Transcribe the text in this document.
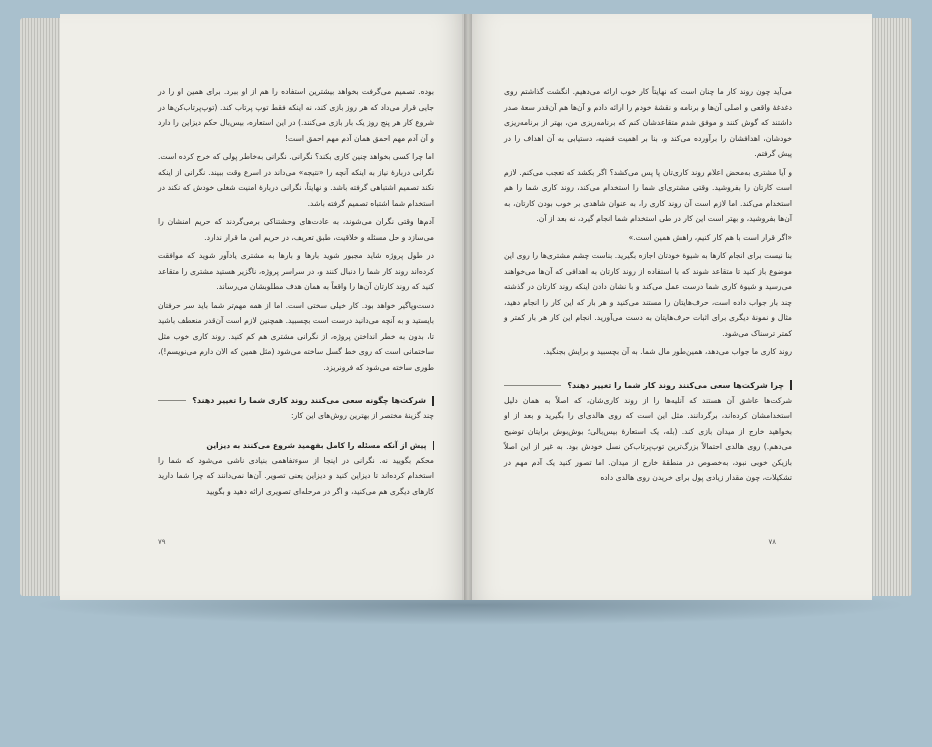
بوده. تصمیم می‌گرفت بخواهد بیشترین استفاده را هم از او ببرد. برای همین او را در جایی قرار می‌داد که هر روز بازی کند، نه اینکه فقط توپ پرتاب کند. (توپ‌پرتاب‌کن‌ها در شروع کار هر پنج روز یک بار بازی می‌کنند.) در این استعاره، بیس‌بال حکم دیزاین را دارد و آن آدم مهم احمق همان آدم مهم احمق است!

اما چرا کسی بخواهد چنین کاری بکند؟ نگرانی. نگرانی به‌خاطر پولی که خرج کرده است. نگرانی دربارهٔ نیاز به اینکه آنچه را «نتیجه» می‌داند در اسرع وقت ببیند. نگرانی از اینکه نکند تصمیم اشتباهی گرفته باشد. و نهایتاً، نگرانی دربارهٔ امنیت شغلی خودش که نکند در استخدام شما اشتباه تصمیم گرفته باشد.

آدم‌ها وقتی نگران می‌شوند، به عادت‌های وحشتناکی برمی‌گردند که حریم امنشان را می‌سازد و حل مسئله و خلاقیت، طبق تعریف، در حریم امن ما قرار ندارد.

در طول پروژه شاید مجبور شوید بارها و بارها به مشتری یادآور شوید که موافقت کرده‌اند روند کار شما را دنبال کنند و، در سراسر پروژه، ناگزیر هستید مشتری را متقاعد کنید که روند کارتان آن‌ها را واقعاً به همان هدف مطلوبشان می‌رساند.

دست‌وپاگیر خواهد بود. کار خیلی سختی است. اما از همه مهم‌تر شما باید سر حرفتان بایستید و به آنچه می‌دانید درست است بچسبید. همچنین لازم است آن‌قدر منعطف باشید تا، بدون به خطر انداختن پروژه، از نگرانی مشتری هم کم کنید. روند کاری خوب مثل ساختمانی است که روی خط گسل ساخته می‌شود (مثل همین که الان دارم می‌نویسم!)، طوری ساخته می‌شود که فرونریزد.

شرکت‌ها چگونه سعی می‌کنند روند کاری شما را تغییر دهند؟

چند گزینهٔ مختصر از بهترین روش‌های این کار:

پیش از آنکه مسئله را کامل بفهمید شروع می‌کنند به دیزاین

محکم بگویید نه. نگرانی در اینجا از سوءتفاهمی بنیادی ناشی می‌شود که شما را استخدام کرده‌اند تا دیزاین کنید و دیزاین یعنی تصویر. آن‌ها نمی‌دانند که چرا شما دارید کارهای دیگری هم می‌کنید، و اگر در مرحله‌ای تصویری ارائه دهید و بگویید

۷۹

می‌آید چون روند کار ما چنان است که نهایتاً کار خوب ارائه می‌دهیم. انگشت گذاشتم روی دغدغهٔ واقعی و اصلی آن‌ها و برنامه و نقشهٔ خودم را ارائه دادم و آن‌ها هم آن‌قدر سعهٔ صدر داشتند که گوش کنند و موفق شدم متقاعدشان کنم که برنامه‌ریزی من، بهتر از برنامه‌ریزی خودشان، اهدافشان را برآورده می‌کند و، بنا بر اهمیت قضیه، دستیابی به آن اهداف را در پیش گرفتم.

و آیا مشتری به‌محض اعلام روند کاری‌تان پا پس می‌کشد؟ اگر بکشد که تعجب می‌کنم. لازم است کارتان را بفروشید. وقتی مشتری‌ای شما را استخدام می‌کند، روند کاری شما را هم استخدام می‌کند. اما لازم است آن روند کاری را، به عنوان شاهدی بر خوب بودن کارتان، به آن‌ها بفروشید، و بهتر است این کار در طی استخدام شما انجام گیرد، نه بعد از آن.

«اگر قرار است با هم کار کنیم، راهش همین است.»

بنا نیست برای انجام کارها به شیوهٔ خودتان اجازه بگیرید. بناست چشم مشتری‌ها را روی این موضوع باز کنید تا متقاعد شوند که با استفاده از روند کارتان به اهدافی که آن‌ها می‌خواهند می‌رسید و شیوهٔ کاری شما درست عمل می‌کند و با نشان دادن اینکه روند کارتان در گذشته چند بار جواب داده است، حرف‌هایتان را مستند می‌کنید و هر بار که این کار را انجام دهید، مثال و نمونهٔ دیگری برای اثبات حرف‌هایتان به دست می‌آورید. انجام این کار هر بار کمتر و کمتر ترسناک می‌شود.

روند کاری ما جواب می‌دهد، همین‌طور مال شما. به آن بچسبید و برایش بجنگید.

چرا شرکت‌ها سعی می‌کنند روند کار شما را تغییر دهند؟

شرکت‌ها عاشق آن هستند که آنلیه‌ها را از روند کاری‌شان، که اصلاً به همان دلیل استخدامشان کرده‌اند، برگردانند. مثل این است که روی هالدی‌ای را بگیرید و بعد از او بخواهید خارج از میدان بازی کند. (بله، یک استعارهٔ بیس‌بالی؛ بوش‌بوش برایتان توضیح می‌دهم.) روی هالدی احتمالاً بزرگ‌ترین توپ‌پرتاب‌کن نسل خودش بود. به غیر از این اصلاً بازیکن خوبی نبود، به‌خصوص در منطقهٔ خارج از میدان. اما تصور کنید یک آدم مهم در تشکیلات، چون مقدار زیادی پول برای خریدن روی هالدی داده

۷۸
